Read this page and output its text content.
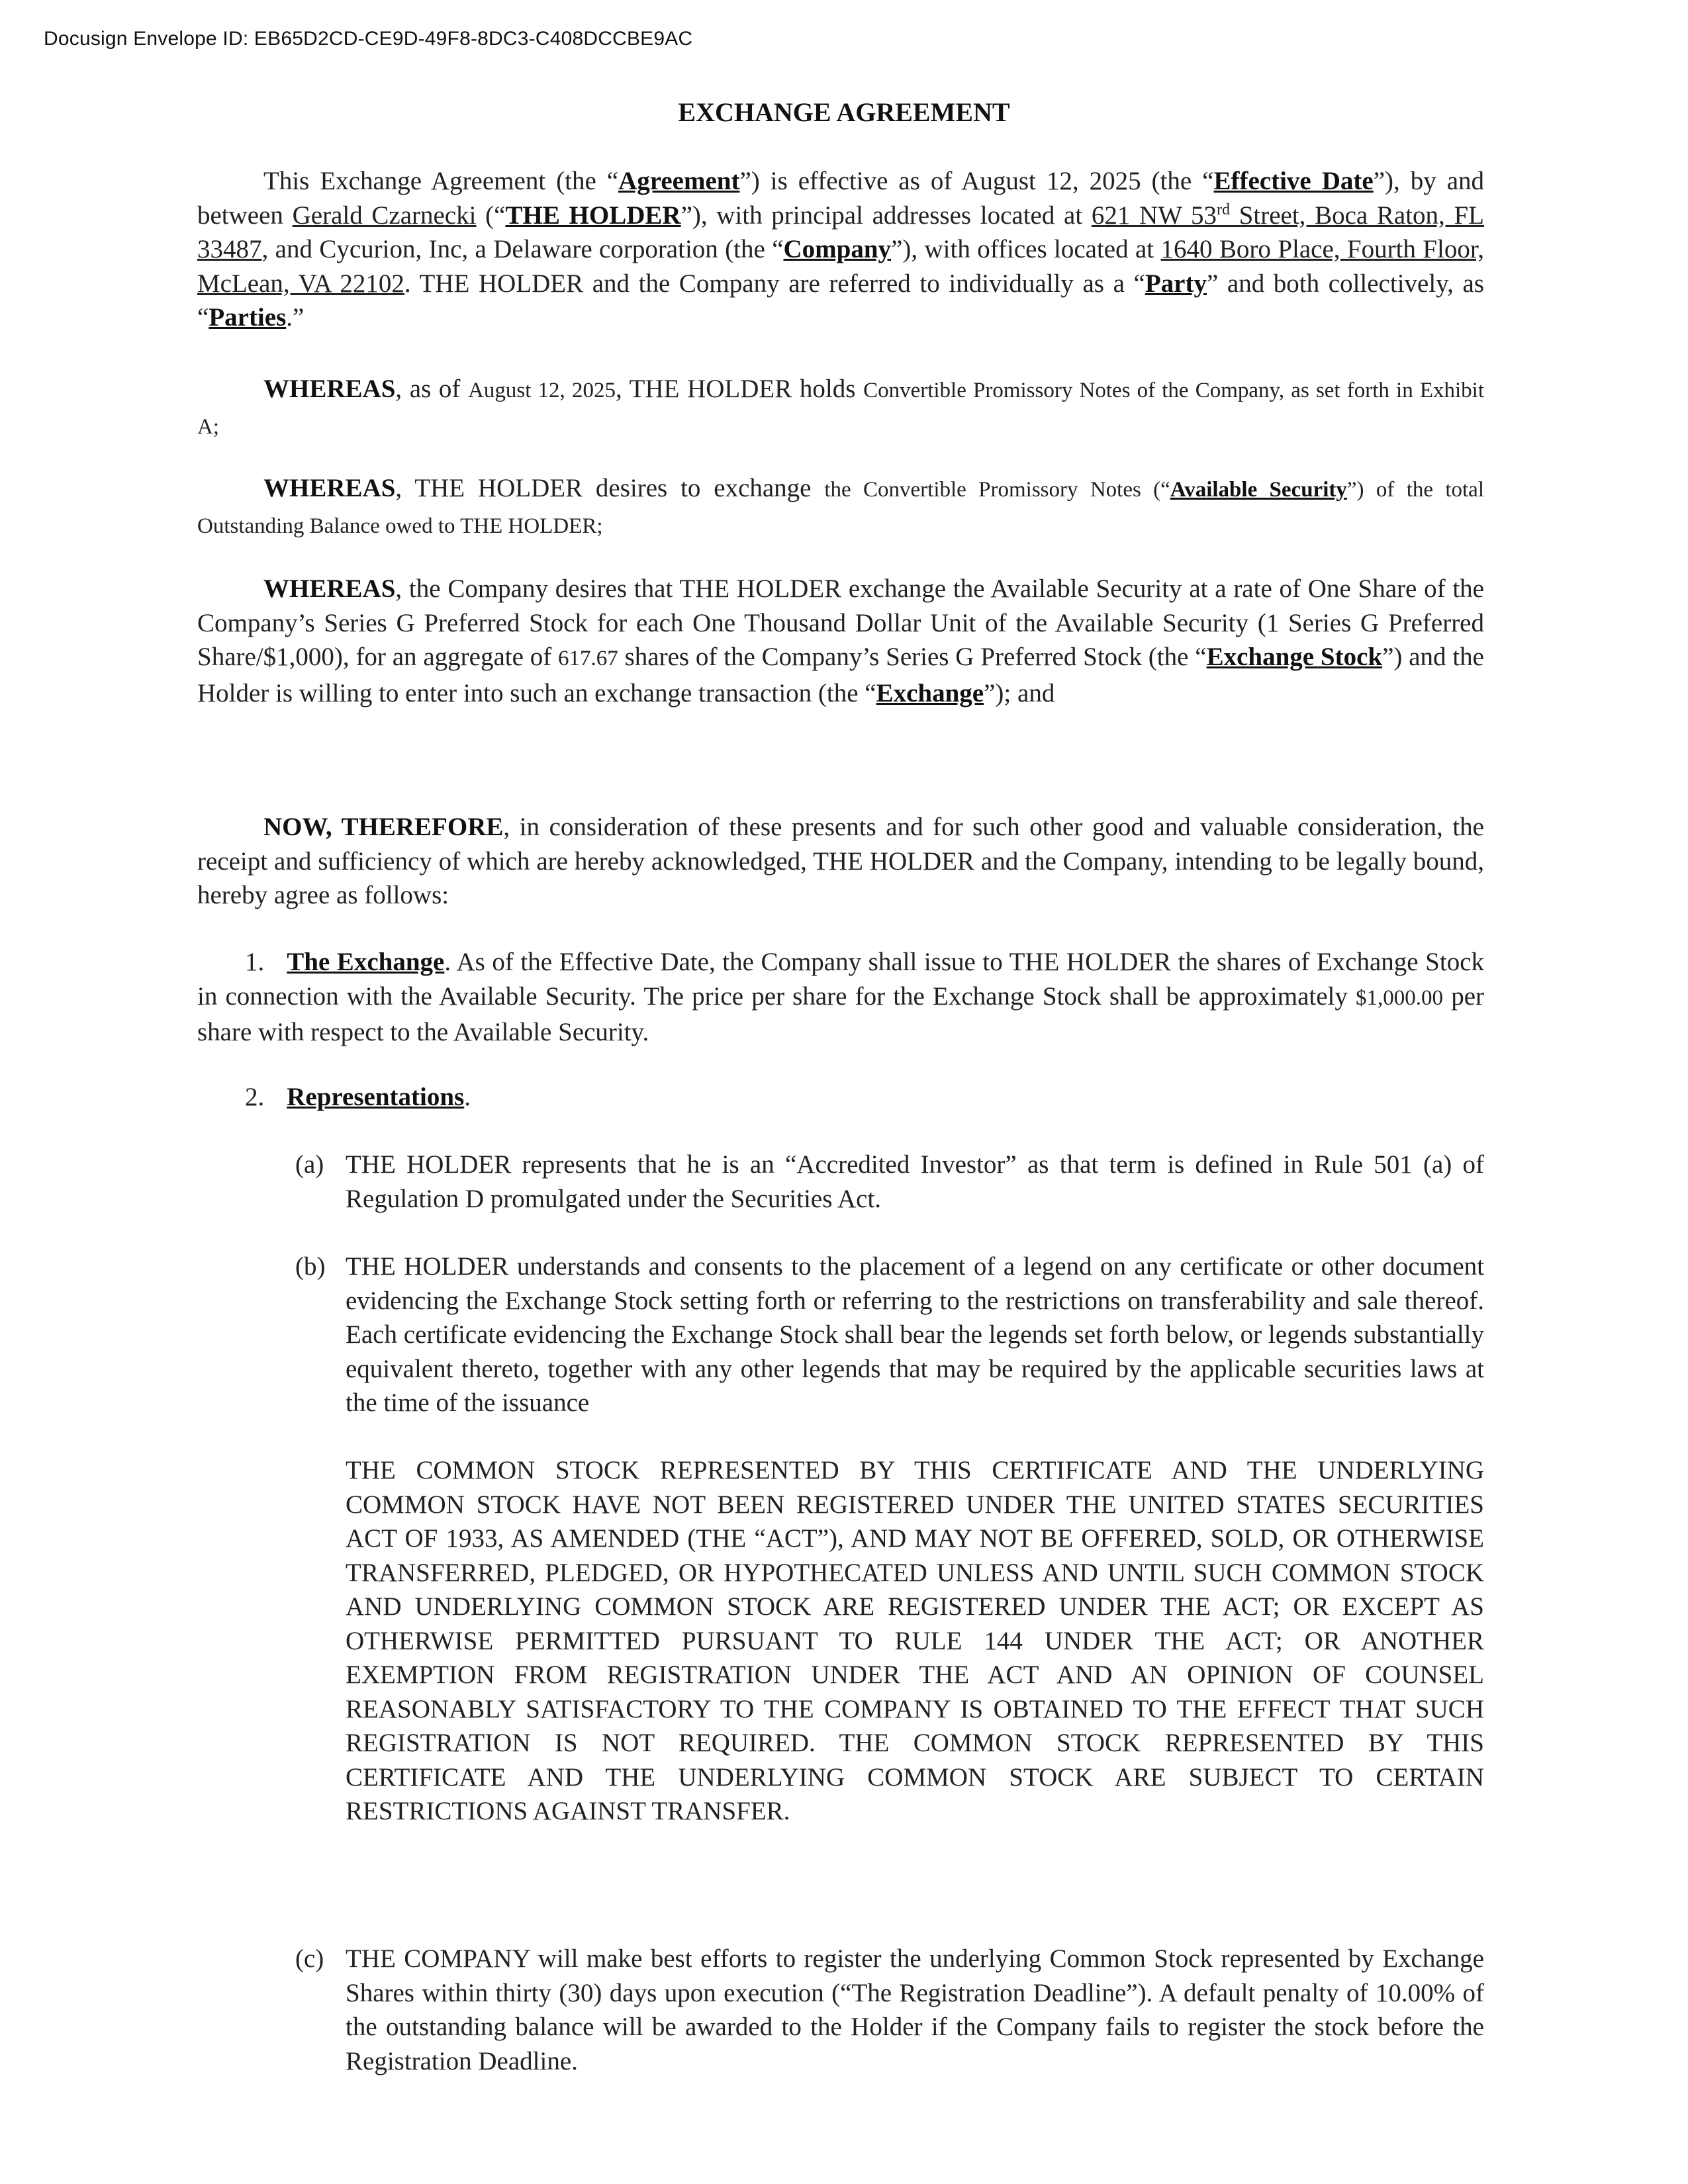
Docusign Envelope ID: EB65D2CD-CE9D-49F8-8DC3-C408DCCBE9AC
EXCHANGE AGREEMENT
This Exchange Agreement (the “Agreement”) is effective as of August 12, 2025 (the “Effective Date”), by and between Gerald Czarnecki (“THE HOLDER”), with principal addresses located at 621 NW 53rd Street, Boca Raton, FL 33487, and Cycurion, Inc, a Delaware corporation (the “Company”), with offices located at 1640 Boro Place, Fourth Floor, McLean, VA 22102. THE HOLDER and the Company are referred to individually as a “Party” and both collectively, as “Parties.”
WHEREAS, as of August 12, 2025, THE HOLDER holds Convertible Promissory Notes of the Company, as set forth in Exhibit A;
WHEREAS, THE HOLDER desires to exchange the Convertible Promissory Notes (“Available Security”) of the total Outstanding Balance owed to THE HOLDER;
WHEREAS, the Company desires that THE HOLDER exchange the Available Security at a rate of One Share of the Company’s Series G Preferred Stock for each One Thousand Dollar Unit of the Available Security (1 Series G Preferred Share/$1,000), for an aggregate of 617.67 shares of the Company’s Series G Preferred Stock (the “Exchange Stock”) and the Holder is willing to enter into such an exchange transaction (the “Exchange”); and
NOW, THEREFORE, in consideration of these presents and for such other good and valuable consideration, the receipt and sufficiency of which are hereby acknowledged, THE HOLDER and the Company, intending to be legally bound, hereby agree as follows:
1. The Exchange. As of the Effective Date, the Company shall issue to THE HOLDER the shares of Exchange Stock in connection with the Available Security. The price per share for the Exchange Stock shall be approximately $1,000.00 per share with respect to the Available Security.
2. Representations.
(a) THE HOLDER represents that he is an “Accredited Investor” as that term is defined in Rule 501 (a) of Regulation D promulgated under the Securities Act.
(b) THE HOLDER understands and consents to the placement of a legend on any certificate or other document evidencing the Exchange Stock setting forth or referring to the restrictions on transferability and sale thereof. Each certificate evidencing the Exchange Stock shall bear the legends set forth below, or legends substantially equivalent thereto, together with any other legends that may be required by the applicable securities laws at the time of the issuance
THE COMMON STOCK REPRESENTED BY THIS CERTIFICATE AND THE UNDERLYING COMMON STOCK HAVE NOT BEEN REGISTERED UNDER THE UNITED STATES SECURITIES ACT OF 1933, AS AMENDED (THE “ACT”), AND MAY NOT BE OFFERED, SOLD, OR OTHERWISE TRANSFERRED, PLEDGED, OR HYPOTHECATED UNLESS AND UNTIL SUCH COMMON STOCK AND UNDERLYING COMMON STOCK ARE REGISTERED UNDER THE ACT; OR EXCEPT AS OTHERWISE PERMITTED PURSUANT TO RULE 144 UNDER THE ACT; OR ANOTHER EXEMPTION FROM REGISTRATION UNDER THE ACT AND AN OPINION OF COUNSEL REASONABLY SATISFACTORY TO THE COMPANY IS OBTAINED TO THE EFFECT THAT SUCH REGISTRATION IS NOT REQUIRED. THE COMMON STOCK REPRESENTED BY THIS CERTIFICATE AND THE UNDERLYING COMMON STOCK ARE SUBJECT TO CERTAIN RESTRICTIONS AGAINST TRANSFER.
(c) THE COMPANY will make best efforts to register the underlying Common Stock represented by Exchange Shares within thirty (30) days upon execution (“The Registration Deadline”). A default penalty of 10.00% of the outstanding balance will be awarded to the Holder if the Company fails to register the stock before the Registration Deadline.
